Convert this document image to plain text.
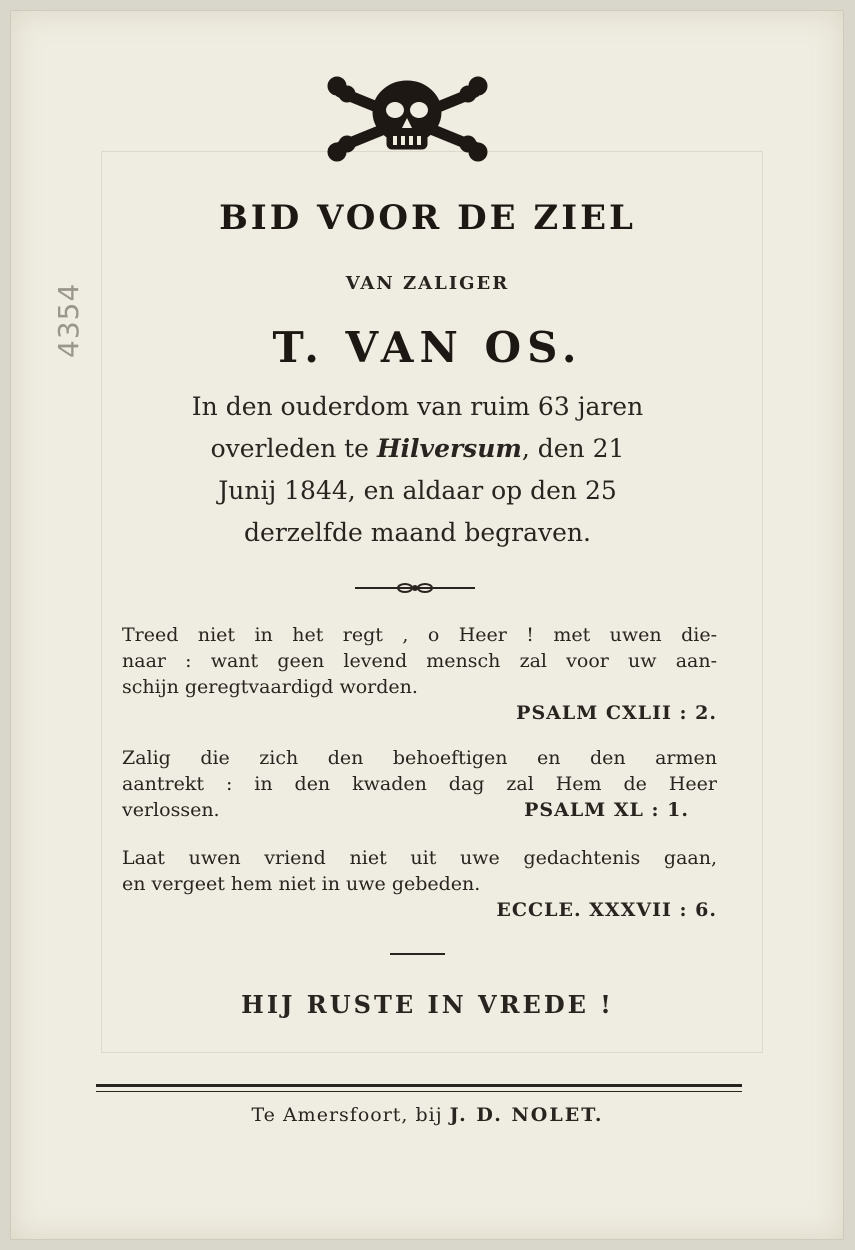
4354
BID VOOR DE ZIEL
VAN ZALIGER
T. VAN OS.
In den ouderdom van ruim 63 jaren
overleden te Hilversum, den 21
Junij 1844, en aldaar op den 25
derzelfde maand begraven.
Treed niet in het regt , o Heer ! met uwen die-
naar : want geen levend mensch zal voor uw aan-
schijn geregtvaardigd worden.
PSALM CXLII : 2.
Zalig die zich den behoeftigen en den armen
aantrekt : in den kwaden dag zal Hem de Heer
verlossen.	PSALM XL : 1.
Laat uwen vriend niet uit uwe gedachtenis gaan,
en vergeet hem niet in uwe gebeden.
ECCLE. XXXVII : 6.
HIJ RUSTE IN VREDE !
Te Amersfoort, bij J. D. NOLET.
